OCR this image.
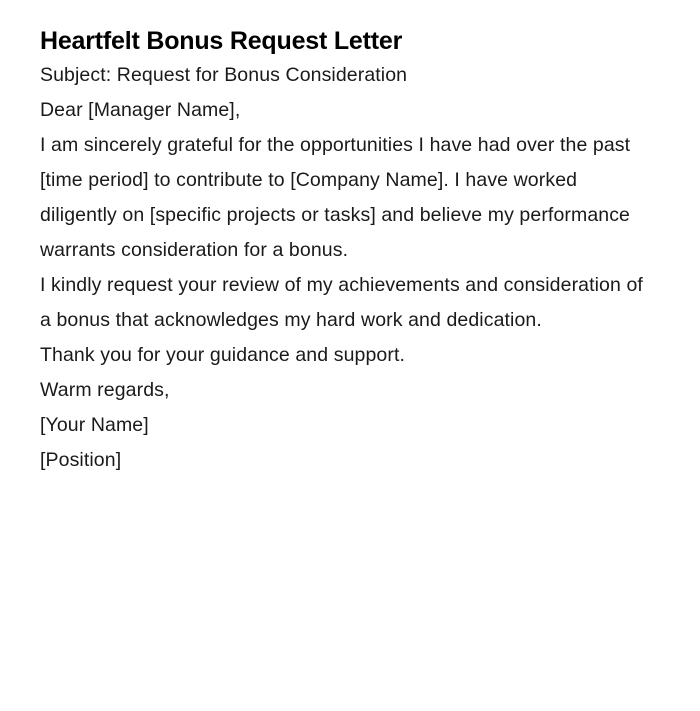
Heartfelt Bonus Request Letter

Subject: Request for Bonus Consideration

Dear [Manager Name],

I am sincerely grateful for the opportunities I have had over the past [time period] to contribute to [Company Name]. I have worked diligently on [specific projects or tasks] and believe my performance warrants consideration for a bonus.

I kindly request your review of my achievements and consideration of a bonus that acknowledges my hard work and dedication.

Thank you for your guidance and support.

Warm regards,

[Your Name]

[Position]
